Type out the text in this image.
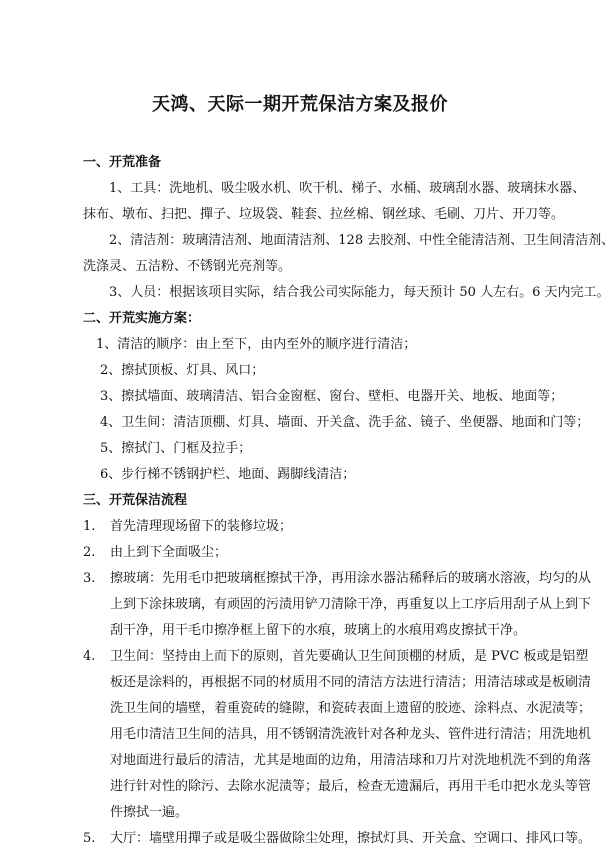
天鸿、天际一期开荒保洁方案及报价
一、开荒准备
1、工具：洗地机、吸尘吸水机、吹干机、梯子、水桶、玻璃刮水器、玻璃抹水器、
抹布、墩布、扫把、撣子、垃圾袋、鞋套、拉丝棉、钢丝球、毛刷、刀片、开刀等。
2、清洁剂：玻璃清洁剂、地面清洁剂、128 去胶剂、中性全能清洁剂、卫生间清洁剂、
洗涤灵、五洁粉、不锈钢光亮剂等。
3、人员：根据该项目实际，结合我公司实际能力，每天预计 50 人左右。6 天内完工。
二、开荒实施方案：
1、清洁的顺序：由上至下，由内至外的顺序进行清洁；
2、擦拭顶板、灯具、风口；
3、擦拭墙面、玻璃清洁、铝合金窗框、窗台、壁柜、电器开关、地板、地面等；
4、卫生间：清洁顶棚、灯具、墙面、开关盒、洗手盆、镜子、坐便器、地面和门等；
5、擦拭门、门框及拉手；
6、步行梯不锈钢护栏、地面、踢脚线清洁；
三、开荒保洁流程
1. 首先清理现场留下的装修垃圾；
2. 由上到下全面吸尘；
3. 擦玻璃：先用毛巾把玻璃框擦拭干净，再用涂水器沾稀释后的玻璃水溶液，均匀的从
上到下涂抹玻璃，有顽固的污渍用铲刀清除干净，再重复以上工序后用刮子从上到下
刮干净，用干毛巾擦净框上留下的水痕，玻璃上的水痕用鸡皮擦拭干净。
4. 卫生间：坚持由上而下的原则，首先要确认卫生间顶棚的材质，是 PVC 板或是铝塑
板还是涂料的，再根据不同的材质用不同的清洁方法进行清洁；用清洁球或是板刷清
洗卫生间的墙壁，着重瓷砖的缝隙，和瓷砖表面上遗留的胶迹、涂料点、水泥渍等；
用毛巾清洁卫生间的洁具，用不锈钢清洗液针对各种龙头、管件进行清洁；用洗地机
对地面进行最后的清洁，尤其是地面的边角，用清洁球和刀片对洗地机洗不到的角落
进行针对性的除污、去除水泥渍等；最后，检查无遗漏后，再用干毛巾把水龙头等管
件擦拭一遍。
5. 大厅：墙壁用撣子或是吸尘器做除尘处理，擦拭灯具、开关盒、空调口、排风口等。
